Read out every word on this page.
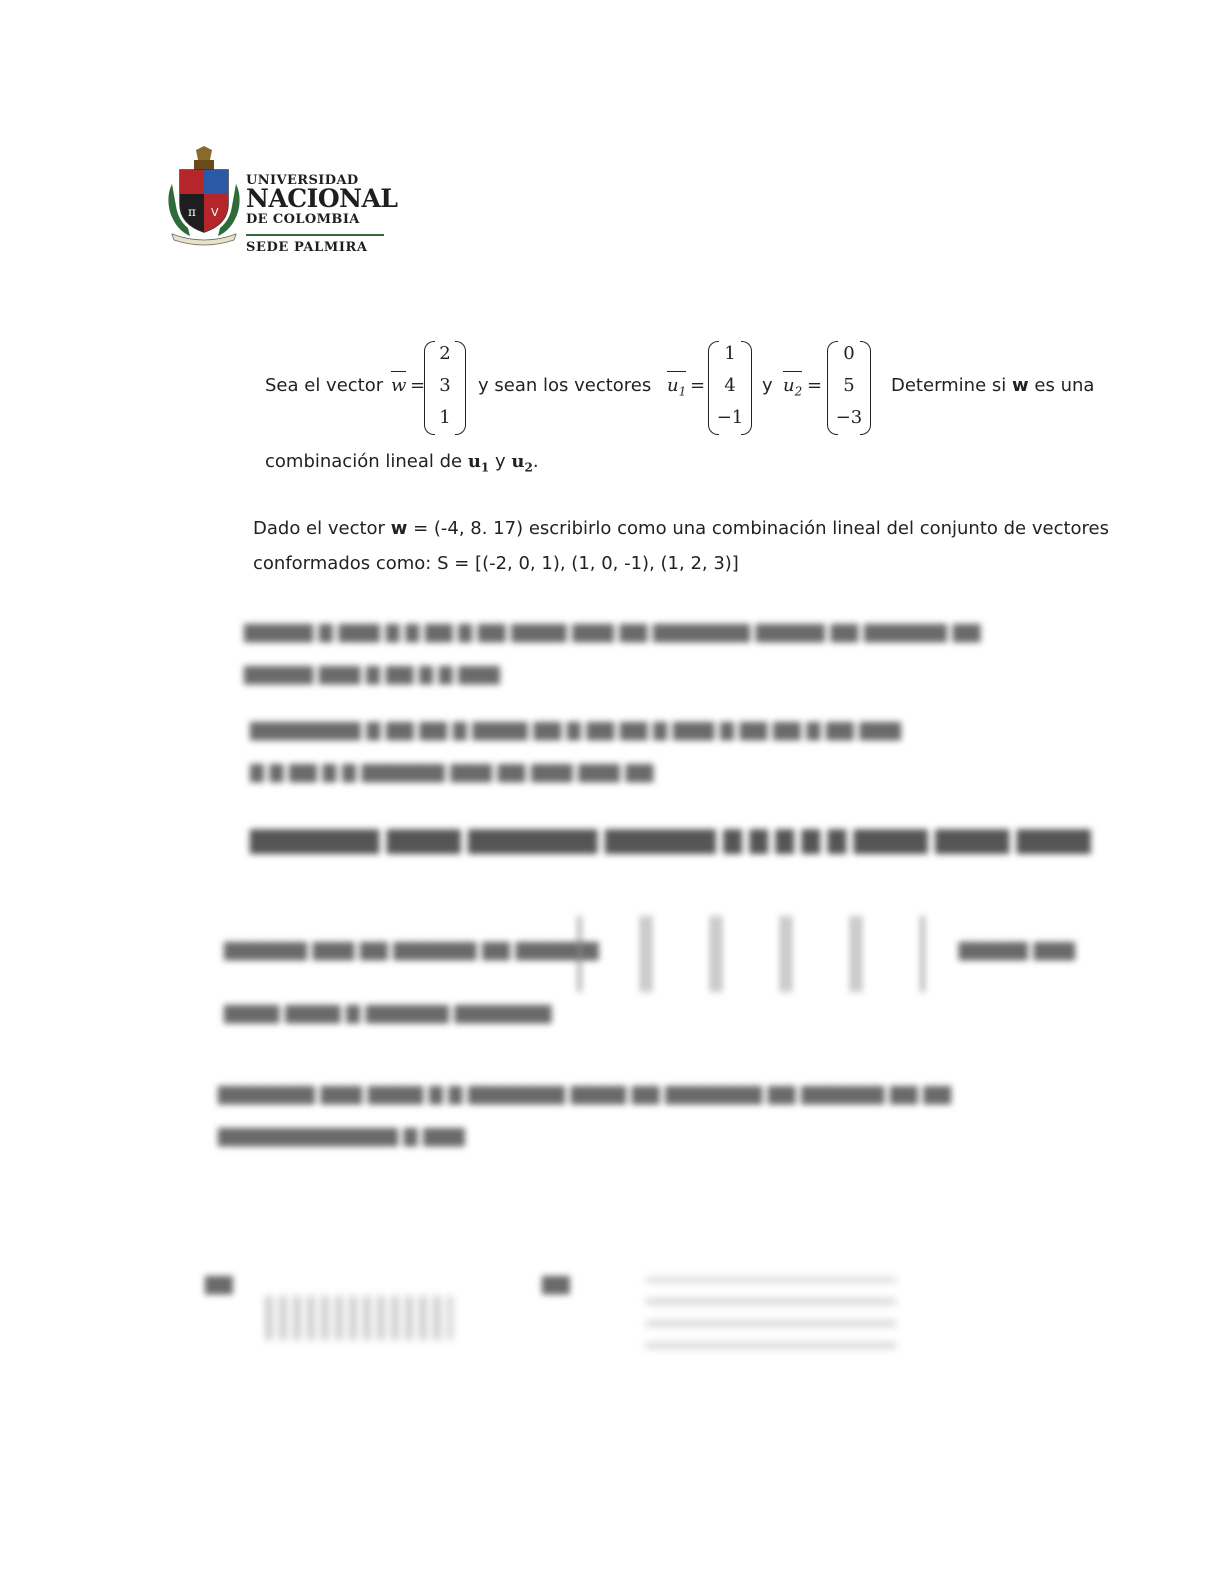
π V
UNIVERSIDAD
NACIONAL
DE COLOMBIA
SEDE PALMIRA
Sea el vector w =
2
3
1
y sean los vectores $u_1$ =
1
4
−1
y $u_2$ =
0
5
−3
Determine si w es una
combinación lineal de $u_1$ y $u_2$.
Dado el vector w = (-4, 8. 17) escribirlo como una combinación lineal del conjunto de vectores
conformados como: S = [(-2, 0, 1), (1, 0, -1), (1, 2, 3)]
▇▇▇▇▇ ▇ ▇▇▇ ▇ ▇ ▇▇ ▇ ▇▇ ▇▇▇▇ ▇▇▇ ▇▇ ▇▇▇▇▇▇▇ ▇▇▇▇▇ ▇▇ ▇▇▇▇▇▇ ▇▇

▇▇▇▇▇ ▇▇▇ ▇ ▇▇ ▇ ▇ ▇▇▇
▇▇▇▇▇▇▇▇ ▇ ▇▇ ▇▇ ▇ ▇▇▇▇ ▇▇ ▇ ▇▇ ▇▇ ▇ ▇▇▇ ▇ ▇▇ ▇▇ ▇ ▇▇ ▇▇▇

▇ ▇ ▇▇ ▇ ▇ ▇▇▇▇▇▇ ▇▇▇ ▇▇ ▇▇▇ ▇▇▇ ▇▇
▇▇▇▇▇▇▇ ▇▇▇▇ ▇▇▇▇▇▇▇ ▇▇▇▇▇▇ ▇ ▇ ▇ ▇ ▇ ▇▇▇▇ ▇▇▇▇ ▇▇▇▇
▇▇▇▇▇▇ ▇▇▇ ▇▇ ▇▇▇▇▇▇ ▇▇ ▇▇▇▇▇▇	▇▇▇▇▇ ▇▇▇

▇▇▇▇ ▇▇▇▇ ▇ ▇▇▇▇▇▇ ▇▇▇▇▇▇▇
▇▇▇▇▇▇▇ ▇▇▇ ▇▇▇▇ ▇ ▇ ▇▇▇▇▇▇▇ ▇▇▇▇ ▇▇ ▇▇▇▇▇▇▇ ▇▇ ▇▇▇▇▇▇ ▇▇ ▇▇

▇▇▇▇▇▇▇▇▇▇▇▇▇ ▇ ▇▇▇
▇▇	▇▇
